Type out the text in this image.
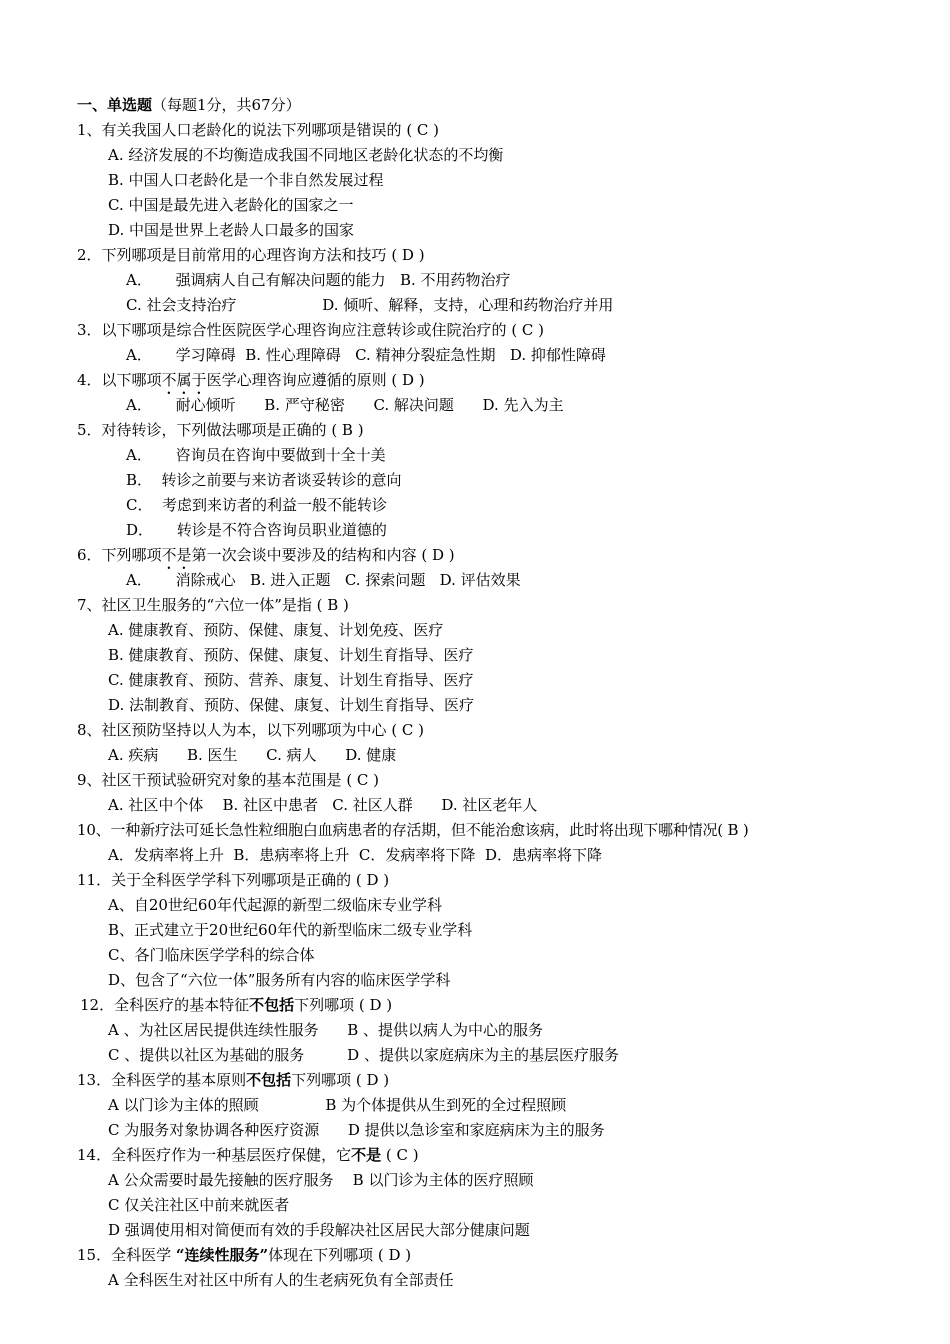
一、单选题（每题1分，共67分）
1、有关我国人口老龄化的说法下列哪项是错误的 ( C )
A. 经济发展的不均衡造成我国不同地区老龄化状态的不均衡
B. 中国人口老龄化是一个非自然发展过程
C. 中国是最先进入老龄化的国家之一
D. 中国是世界上老龄人口最多的国家
2．下列哪项是目前常用的心理咨询方法和技巧 ( D )
A．     强调病人自己有解决问题的能力   B. 不用药物治疗
C. 社会支持治疗                  D. 倾听、解释，支持，心理和药物治疗并用
3．以下哪项是综合性医院医学心理咨询应注意转诊或住院治疗的 ( C )
A．     学习障碍  B. 性心理障碍   C. 精神分裂症急性期   D. 抑郁性障碍
4．以下哪项不属于医学心理咨询应遵循的原则 ( D )
A．     耐心倾听      B. 严守秘密      C. 解决问题      D. 先入为主
5．对待转诊，下列做法哪项是正确的 ( B )
A．     咨询员在咨询中要做到十全十美
B．  转诊之前要与来访者谈妥转诊的意向
C．  考虑到来访者的利益一般不能转诊
D．     转诊是不符合咨询员职业道德的
6．下列哪项不是第一次会谈中要涉及的结构和内容 ( D )
A．     消除戒心   B. 进入正题   C. 探索问题   D. 评估效果
7、社区卫生服务的“六位一体”是指 ( B )
A. 健康教育、预防、保健、康复、计划免疫、医疗
B. 健康教育、预防、保健、康复、计划生育指导、医疗
C. 健康教育、预防、营养、康复、计划生育指导、医疗
D. 法制教育、预防、保健、康复、计划生育指导、医疗
8、社区预防坚持以人为本，以下列哪项为中心 ( C )
A. 疾病      B. 医生      C. 病人      D. 健康
9、社区干预试验研究对象的基本范围是 ( C )
A. 社区中个体    B. 社区中患者   C. 社区人群      D. 社区老年人
10、一种新疗法可延长急性粒细胞白血病患者的存活期，但不能治愈该病，此时将出现下哪种情况( B )
A．发病率将上升  B．患病率将上升  C．发病率将下降  D．患病率将下降
11．关于全科医学学科下列哪项是正确的 ( D )
A、自20世纪60年代起源的新型二级临床专业学科
B、正式建立于20世纪60年代的新型临床二级专业学科
C、各门临床医学学科的综合体
D、包含了“六位一体”服务所有内容的临床医学学科
12．全科医疗的基本特征不包括下列哪项 ( D )
A 、为社区居民提供连续性服务      B 、提供以病人为中心的服务
C 、提供以社区为基础的服务         D 、提供以家庭病床为主的基层医疗服务
13．全科医学的基本原则不包括下列哪项 ( D )
A 以门诊为主体的照顾              B 为个体提供从生到死的全过程照顾
C 为服务对象协调各种医疗资源      D 提供以急诊室和家庭病床为主的服务
14．全科医疗作为一种基层医疗保健，它不是 ( C )
A 公众需要时最先接触的医疗服务    B 以门诊为主体的医疗照顾
C 仅关注社区中前来就医者
D 强调使用相对简便而有效的手段解决社区居民大部分健康问题
15．全科医学 “连续性服务”体现在下列哪项 ( D )
A 全科医生对社区中所有人的生老病死负有全部责任
